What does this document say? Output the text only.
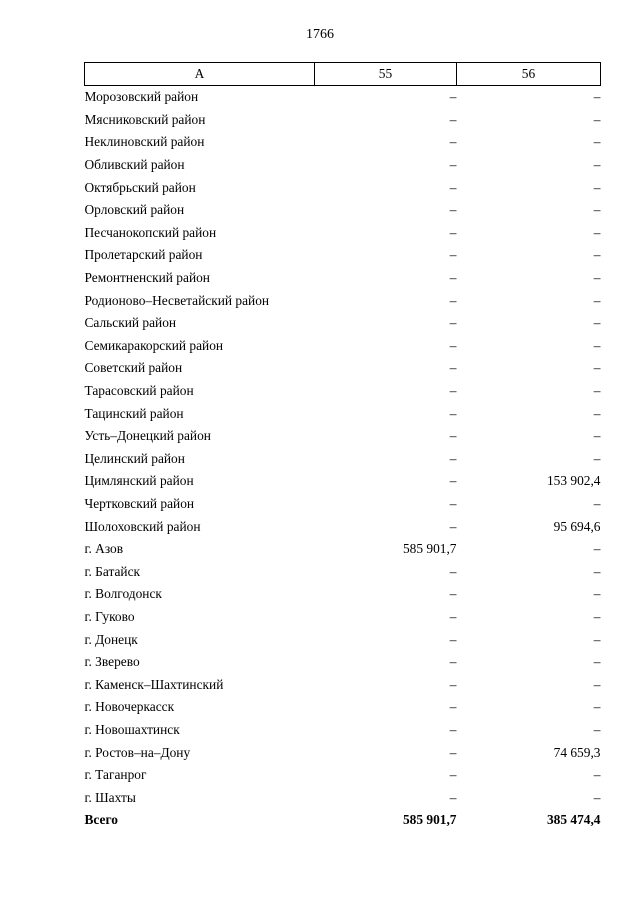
1766
А	55	56
Морозовский район	–	–
Мясниковский район	–	–
Неклиновский район	–	–
Обливский район	–	–
Октябрьский район	–	–
Орловский район	–	–
Песчанокопский район	–	–
Пролетарский район	–	–
Ремонтненский район	–	–
Родионово–Несветайский район	–	–
Сальский район	–	–
Семикаракорский район	–	–
Советский район	–	–
Тарасовский район	–	–
Тацинский район	–	–
Усть–Донецкий район	–	–
Целинский район	–	–
Цимлянский район	–	153 902,4
Чертковский район	–	–
Шолоховский район	–	95 694,6
г. Азов	585 901,7	–
г. Батайск	–	–
г. Волгодонск	–	–
г. Гуково	–	–
г. Донецк	–	–
г. Зверево	–	–
г. Каменск–Шахтинский	–	–
г. Новочеркасск	–	–
г. Новошахтинск	–	–
г. Ростов–на–Дону	–	74 659,3
г. Таганрог	–	–
г. Шахты	–	–
Всего	585 901,7	385 474,4
